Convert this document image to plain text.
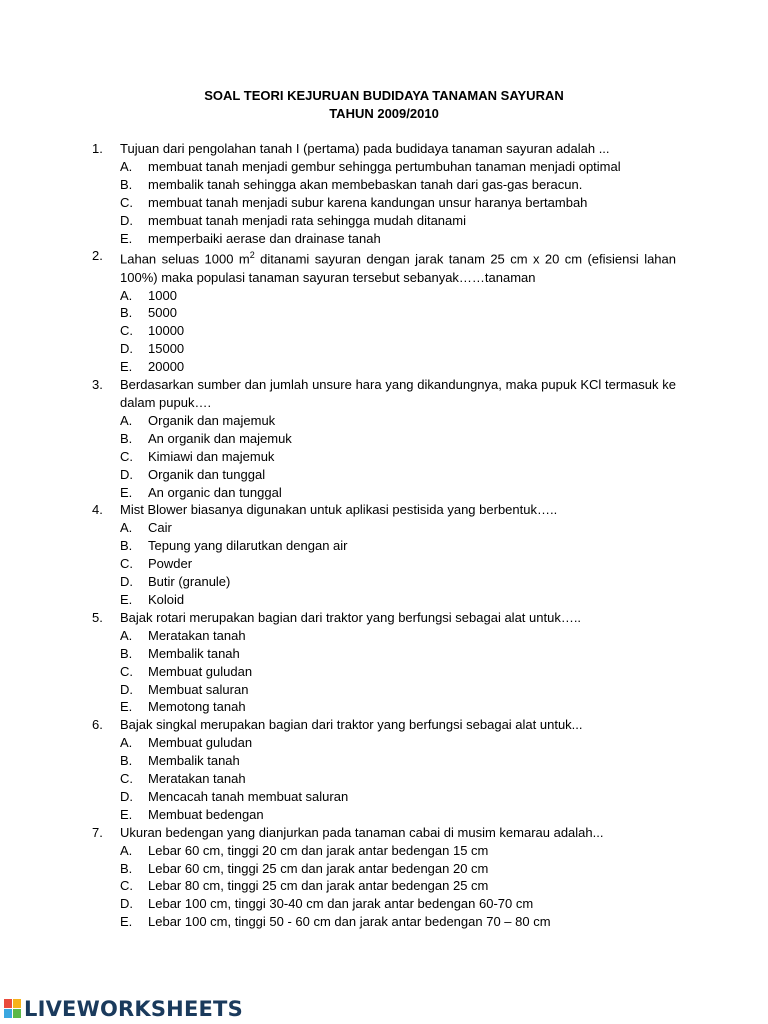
SOAL TEORI KEJURUAN BUDIDAYA TANAMAN SAYURAN
TAHUN 2009/2010
1.	Tujuan dari pengolahan tanah I (pertama) pada budidaya tanaman sayuran adalah ...
A.	membuat tanah menjadi gembur sehingga pertumbuhan tanaman menjadi optimal
B.	membalik tanah sehingga akan membebaskan tanah dari gas-gas beracun.
C.	membuat tanah menjadi subur karena kandungan unsur haranya bertambah
D.	membuat tanah menjadi rata sehingga mudah ditanami
E.	memperbaiki aerase dan drainase tanah
2.	Lahan seluas 1000 $m^2$ ditanami sayuran dengan jarak tanam 25 cm x 20 cm (efisiensi lahan 100%) maka populasi tanaman sayuran tersebut sebanyak……tanaman
A.	1000
B.	5000
C.	10000
D.	15000
E.	20000
3.	Berdasarkan sumber dan jumlah unsure hara yang dikandungnya, maka pupuk KCl termasuk ke dalam pupuk….
A.	Organik dan majemuk
B.	An organik dan majemuk
C.	Kimiawi dan majemuk
D.	Organik dan tunggal
E.	An organic dan tunggal
4.	Mist Blower biasanya digunakan untuk aplikasi pestisida yang berbentuk…..
A.	Cair
B.	Tepung yang dilarutkan dengan air
C.	Powder
D.	Butir (granule)
E.	Koloid
5.	Bajak rotari merupakan bagian dari traktor yang berfungsi sebagai alat untuk…..
A.	Meratakan tanah
B.	Membalik tanah
C.	Membuat guludan
D.	Membuat saluran
E.	Memotong tanah
6.	Bajak singkal merupakan bagian dari traktor yang berfungsi sebagai alat untuk...
A.	Membuat guludan
B.	Membalik tanah
C.	Meratakan tanah
D.	Mencacah tanah membuat saluran
E.	Membuat bedengan
7.	Ukuran bedengan yang dianjurkan pada tanaman cabai di musim kemarau adalah...
A.	Lebar 60 cm, tinggi 20 cm dan jarak antar bedengan 15 cm
B.	Lebar 60 cm, tinggi 25 cm dan jarak antar bedengan 20 cm
C.	Lebar 80 cm, tinggi 25 cm dan jarak antar bedengan 25 cm
D.	Lebar 100 cm, tinggi 30-40 cm dan jarak antar bedengan 60-70 cm
E.	Lebar 100 cm, tinggi 50 - 60 cm dan jarak antar bedengan 70 – 80 cm
LIVEWORKSHEETS
